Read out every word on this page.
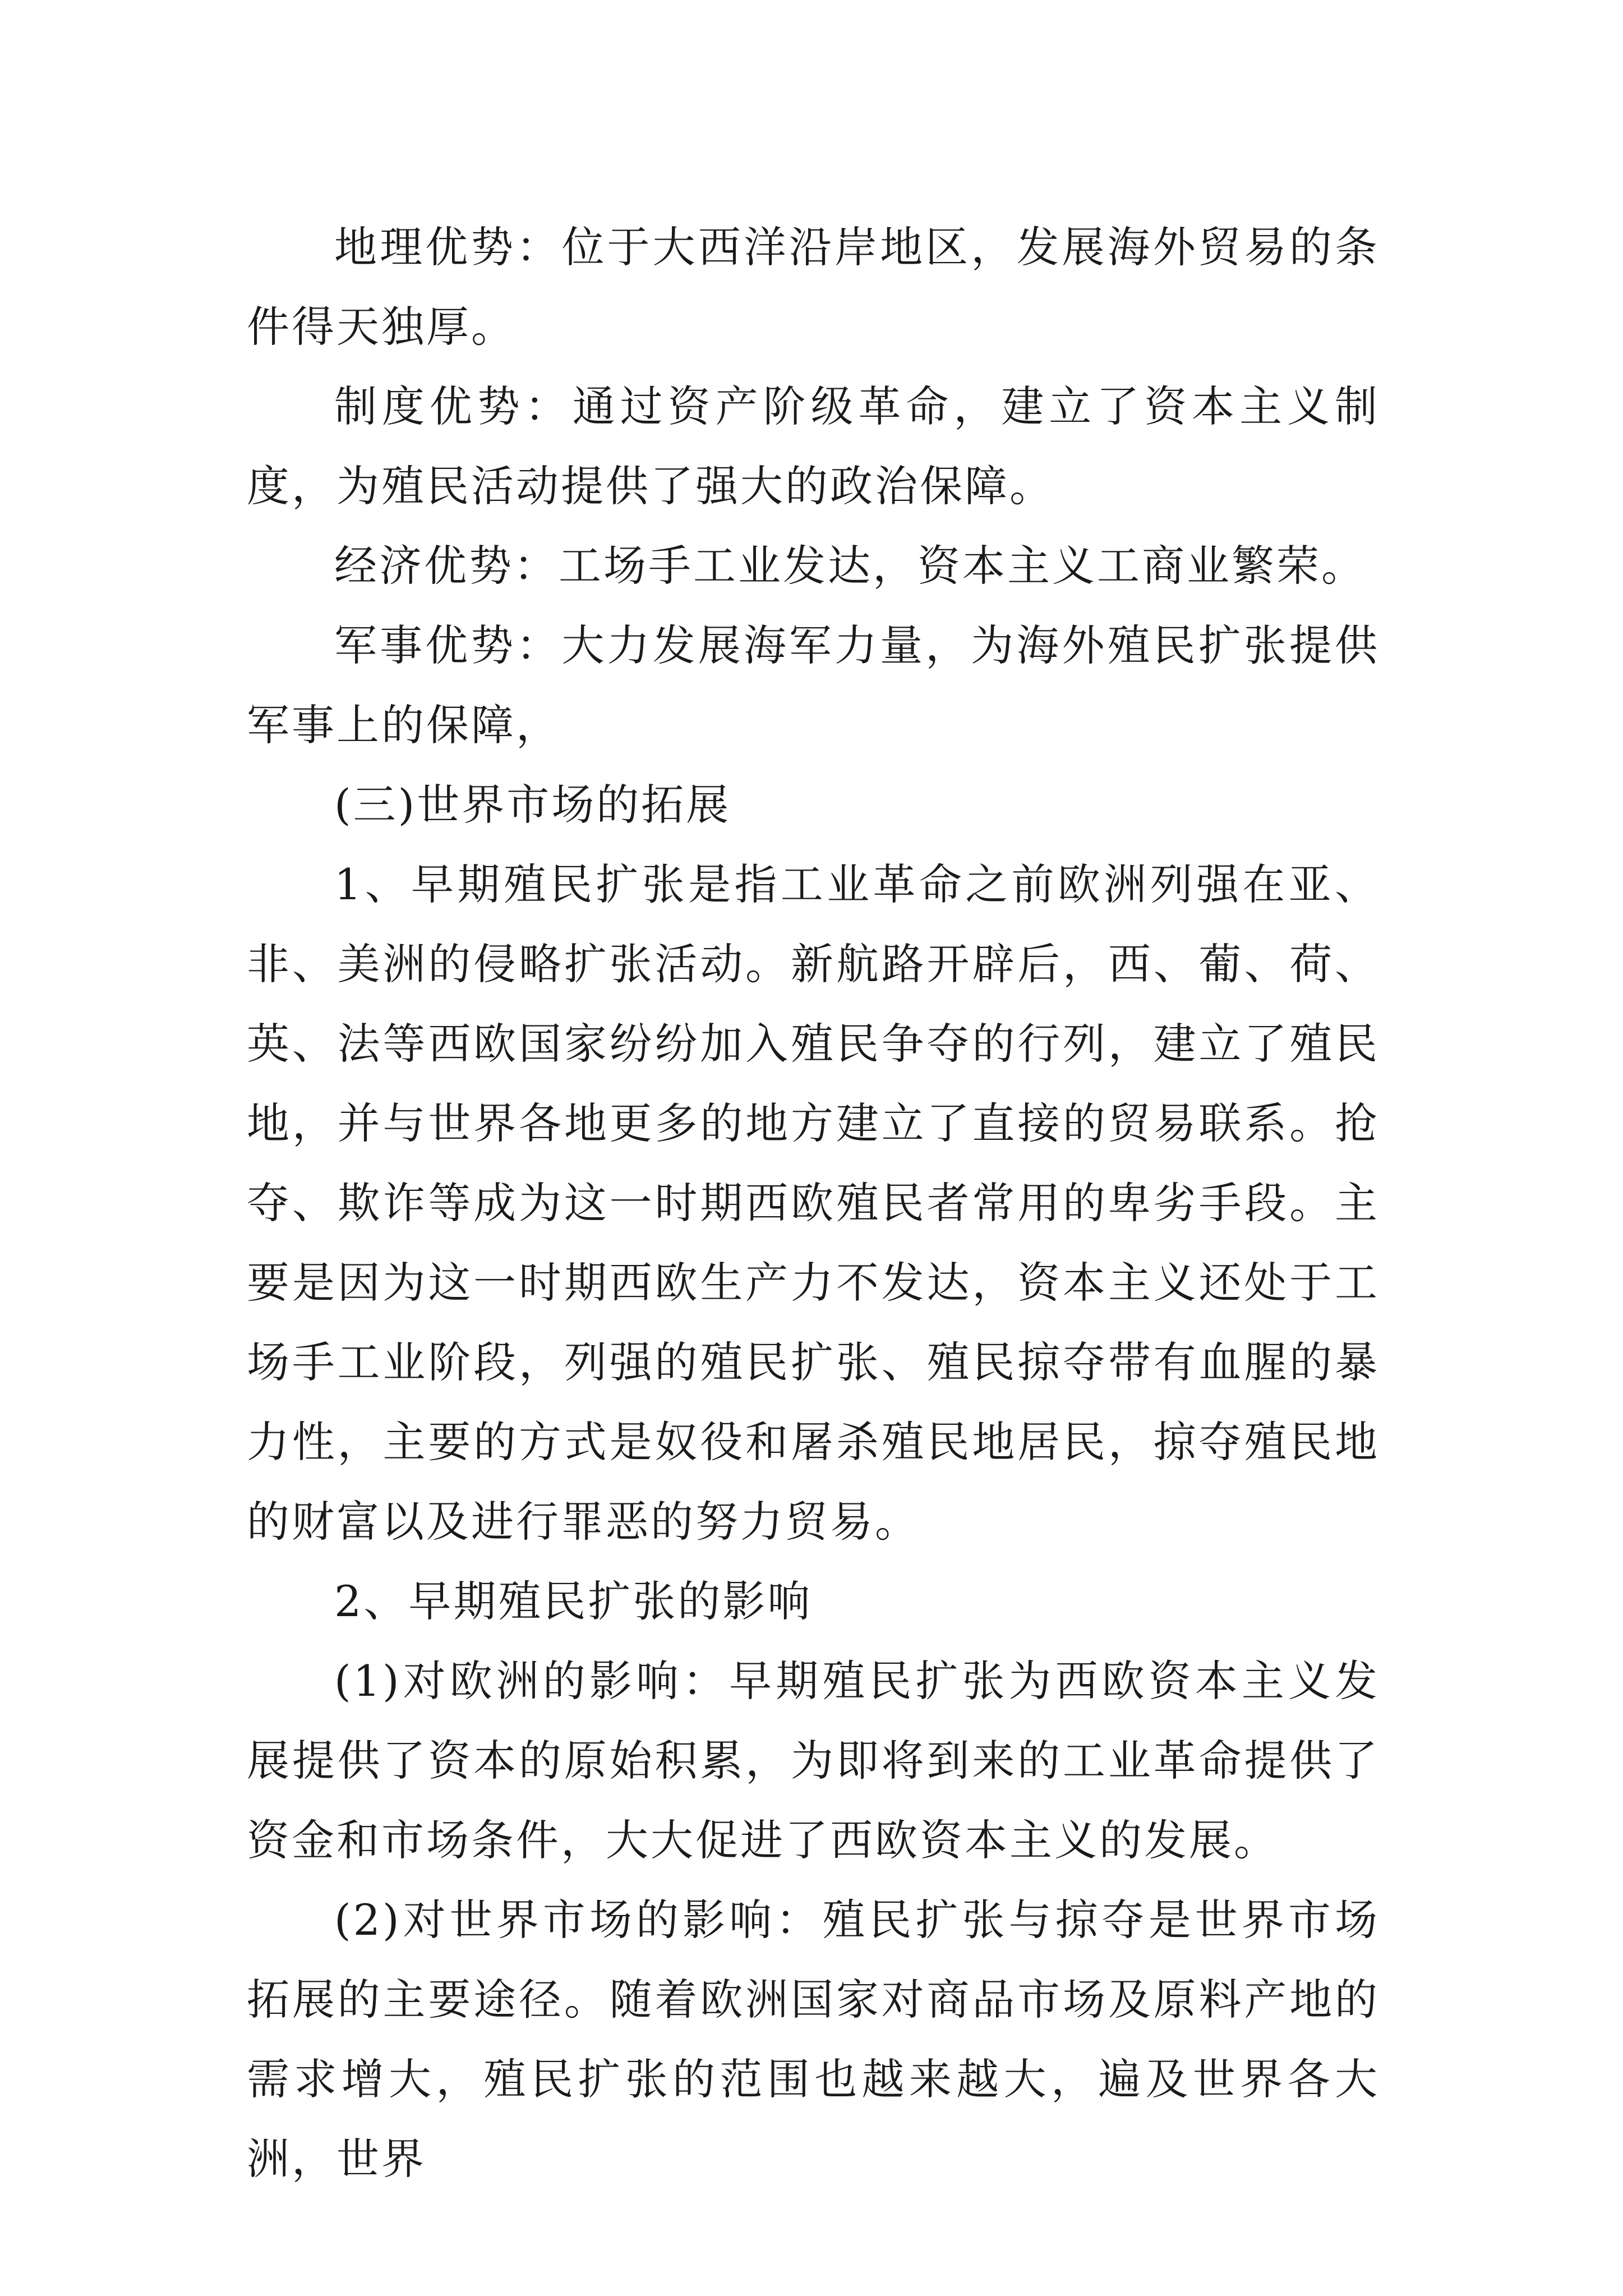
地理优势：位于大西洋沿岸地区，发展海外贸易的条件得天独厚。

制度优势：通过资产阶级革命，建立了资本主义制度，为殖民活动提供了强大的政治保障。

经济优势：工场手工业发达，资本主义工商业繁荣。

军事优势：大力发展海军力量，为海外殖民扩张提供军事上的保障，

(三)世界市场的拓展

1、早期殖民扩张是指工业革命之前欧洲列强在亚、非、美洲的侵略扩张活动。新航路开辟后，西、葡、荷、英、法等西欧国家纷纷加入殖民争夺的行列，建立了殖民地，并与世界各地更多的地方建立了直接的贸易联系。抢夺、欺诈等成为这一时期西欧殖民者常用的卑劣手段。主要是因为这一时期西欧生产力不发达，资本主义还处于工场手工业阶段，列强的殖民扩张、殖民掠夺带有血腥的暴力性，主要的方式是奴役和屠杀殖民地居民，掠夺殖民地的财富以及进行罪恶的努力贸易。

2、早期殖民扩张的影响

(1)对欧洲的影响：早期殖民扩张为西欧资本主义发展提供了资本的原始积累，为即将到来的工业革命提供了资金和市场条件，大大促进了西欧资本主义的发展。

(2)对世界市场的影响：殖民扩张与掠夺是世界市场拓展的主要途径。随着欧洲国家对商品市场及原料产地的需求增大，殖民扩张的范围也越来越大，遍及世界各大洲，世界
